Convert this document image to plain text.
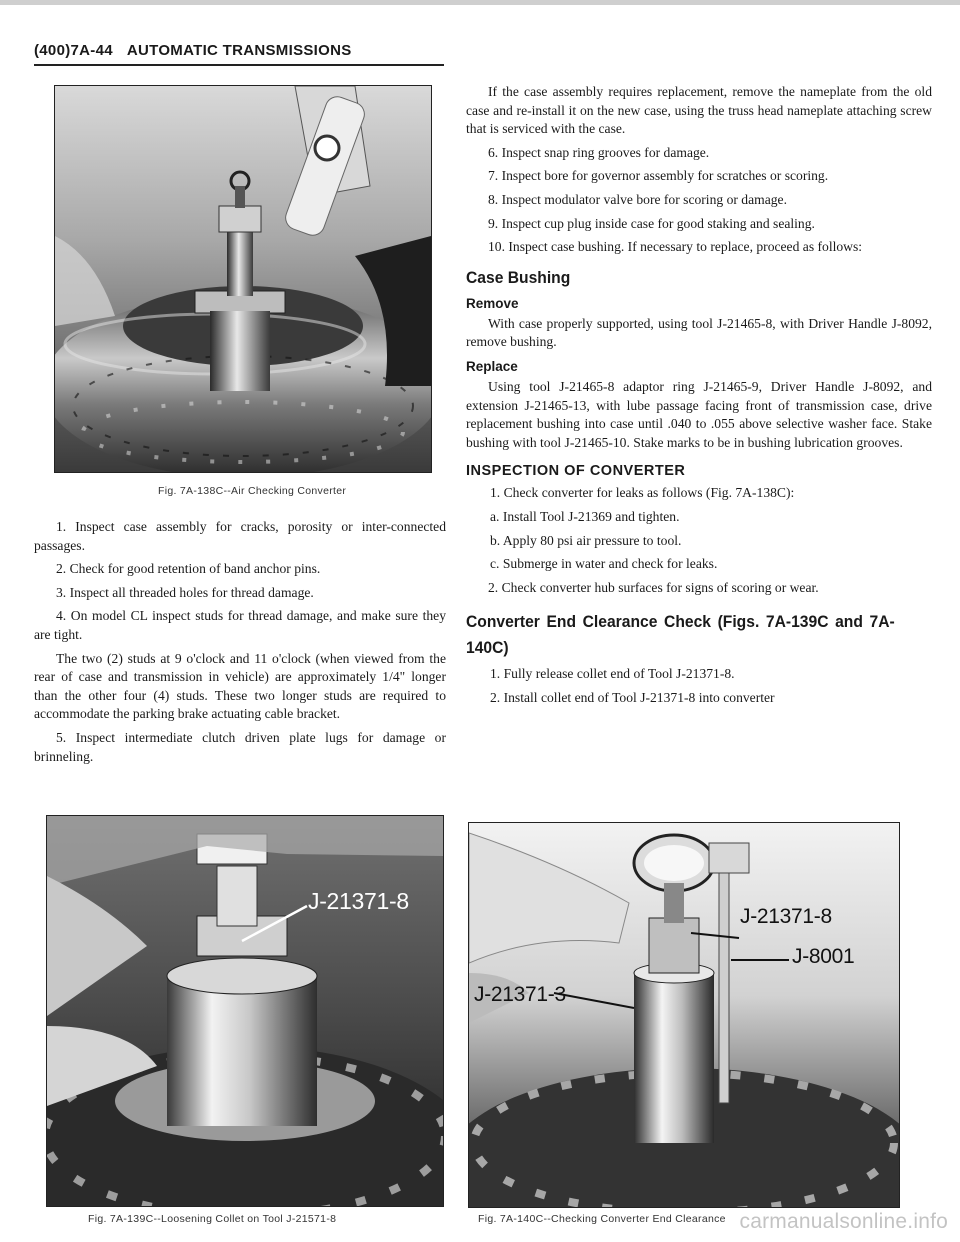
(400)7A-44 AUTOMATIC TRANSMISSIONS
Fig. 7A-138C--Air Checking Converter

1. Inspect case assembly for cracks, porosity or inter-connected passages.

2. Check for good retention of band anchor pins.

3. Inspect all threaded holes for thread damage.

4. On model CL inspect studs for thread damage, and make sure they are tight.

The two (2) studs at 9 o'clock and 11 o'clock (when viewed from the rear of case and transmission in vehicle) are approximately 1/4" longer than the other four (4) studs. These two longer studs are required to accommodate the parking brake actuating cable bracket.

5. Inspect intermediate clutch driven plate lugs for damage or brinneling.

If the case assembly requires replacement, remove the nameplate from the old case and re-install it on the new case, using the truss head nameplate attaching screw that is serviced with the case.

6. Inspect snap ring grooves for damage.

7. Inspect bore for governor assembly for scratches or scoring.

8. Inspect modulator valve bore for scoring or damage.

9. Inspect cup plug inside case for good staking and sealing.

10. Inspect case bushing. If necessary to replace, proceed as follows:

Case Bushing
Remove

With case properly supported, using tool J-21465-8, with Driver Handle J-8092, remove bushing.

Replace

Using tool J-21465-8 adaptor ring J-21465-9, Driver Handle J-8092, and extension J-21465-13, with lube passage facing front of transmission case, drive replacement bushing into case until .040 to .055 above selective washer face. Stake bushing with tool J-21465-10. Stake marks to be in bushing lubrication grooves.

INSPECTION OF CONVERTER

1. Check converter for leaks as follows (Fig. 7A-138C):

a. Install Tool J-21369 and tighten.

b. Apply 80 psi air pressure to tool.

c. Submerge in water and check for leaks.

2. Check converter hub surfaces for signs of scoring or wear.

Converter End Clearance Check (Figs. 7A-139C and 7A-140C)

1. Fully release collet end of Tool J-21371-8.

2. Install collet end of Tool J-21371-8 into converter

J-21371-8
Fig. 7A-139C--Loosening Collet on Tool J-21571-8
J-21371-8
J-8001
J-21371-3
Fig. 7A-140C--Checking Converter End Clearance carmanualsonline.info
